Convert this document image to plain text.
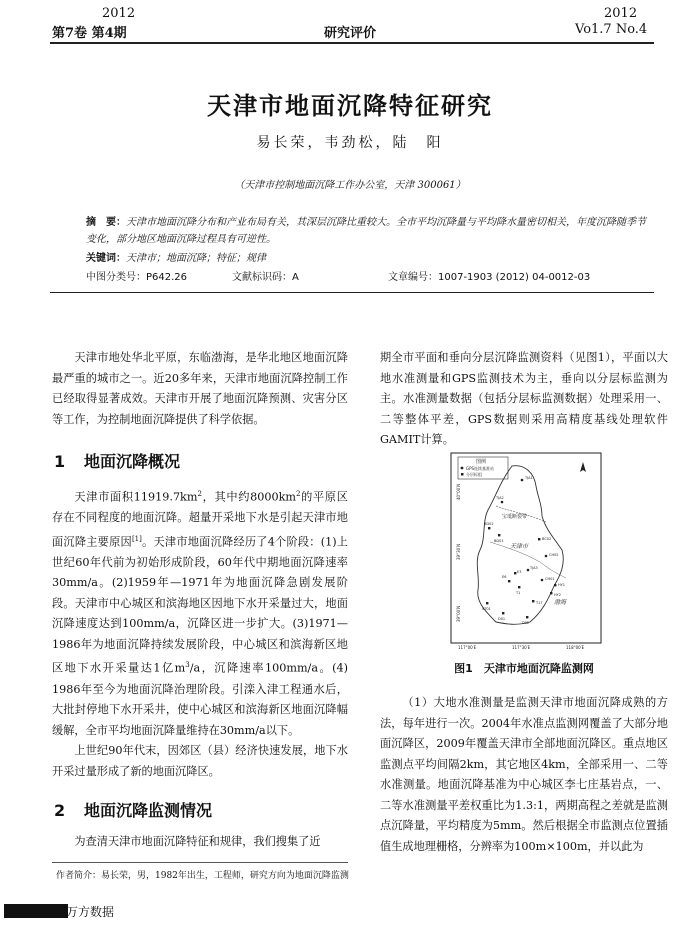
2012
第7卷 第4期	研究评价
2012
Vo1.7 No.4
天津市地面沉降特征研究
易长荣，韦劲松，陆　阳
（天津市控制地面沉降工作办公室，天津 300061）
摘　要：天津市地面沉降分布和产业布局有关，其深层沉降比重较大。全市平均沉降量与平均降水量密切相关，年度沉降随季节变化，部分地区地面沉降过程具有可逆性。
关键词：天津市；地面沉降；特征；规律
中图分类号：P642.26	文献标识码：A	文章编号：1007-1903 (2012) 04-0012-03

天津市地处华北平原，东临渤海，是华北地区地面沉降最严重的城市之一。近20多年来，天津市地面沉降控制工作已经取得显著成效。天津市开展了地面沉降预测、灾害分区等工作，为控制地面沉降提供了科学依据。

1 地面沉降概况

天津市面积$11919.7km^2$，其中约$8000km^2$的平原区存在不同程度的地面沉降。超量开采地下水是引起天津市地面沉降主要原因[1]。天津市地面沉降经历了4个阶段：(1)上世纪60年代前为初始形成阶段，60年代中期地面沉降速率30mm/a。(2)1959年—1971年为地面沉降急剧发展阶段。天津市中心城区和滨海地区因地下水开采量过大，地面沉降速度达到100mm/a，沉降区进一步扩大。(3)1971—1986年为地面沉降持续发展阶段，中心城区和滨海新区地区地下水开采量达1亿$m^3/a$，沉降速率100mm/a。(4) 1986年至今为地面沉降治理阶段。引滦入津工程通水后，大批封停地下水开采井，使中心城区和滨海新区地面沉降幅缓解，全市平均地面沉降量维持在30mm/a以下。

上世纪90年代末，因郊区（县）经济快速发展，地下水开采过量形成了新的地面沉降区。

2 地面沉降监测情况

为查清天津市地面沉降特征和规律，我们搜集了近

作者简介：易长荣，男，1982年出生，工程师，研究方向为地面沉降监测

期全市平面和垂向分层沉降监测资料（见图1），平面以大地水准测量和GPS监测技术为主，垂向以分层标监测为主。水准测量数据（包括分层标监测数据）处理采用一、二等整体平差，GPS数据则采用高精度基线处理软件GAMIT计算。

图例
GPS连续基准站
分层标组
宝坻断裂带
天津市
渤海
TJA1
TJA2
BD02
BD01	BC02
ST01
CH02
CH01
TJA3
HY1
HY2
T1
T17
E6
E3
D01
D02
40°00′N
39°30′N
39°00′N
117°00′E	117°30′E	118°00′E
图1　天津市地面沉降监测网

（1）大地水准测量是监测天津市地面沉降成熟的方法，每年进行一次。2004年水准点监测网覆盖了大部分地面沉降区，2009年覆盖天津市全部地面沉降区。重点地区监测点平均间隔2km，其它地区4km，全部采用一、二等水准测量。地面沉降基准为中心城区李七庄基岩点，一、二等水准测量平差权重比为1.3:1，两期高程之差就是监测点沉降量，平均精度为5mm。然后根据全市监测点位置插值生成地理栅格，分辨率为100m×100m，并以此为

万方数据
